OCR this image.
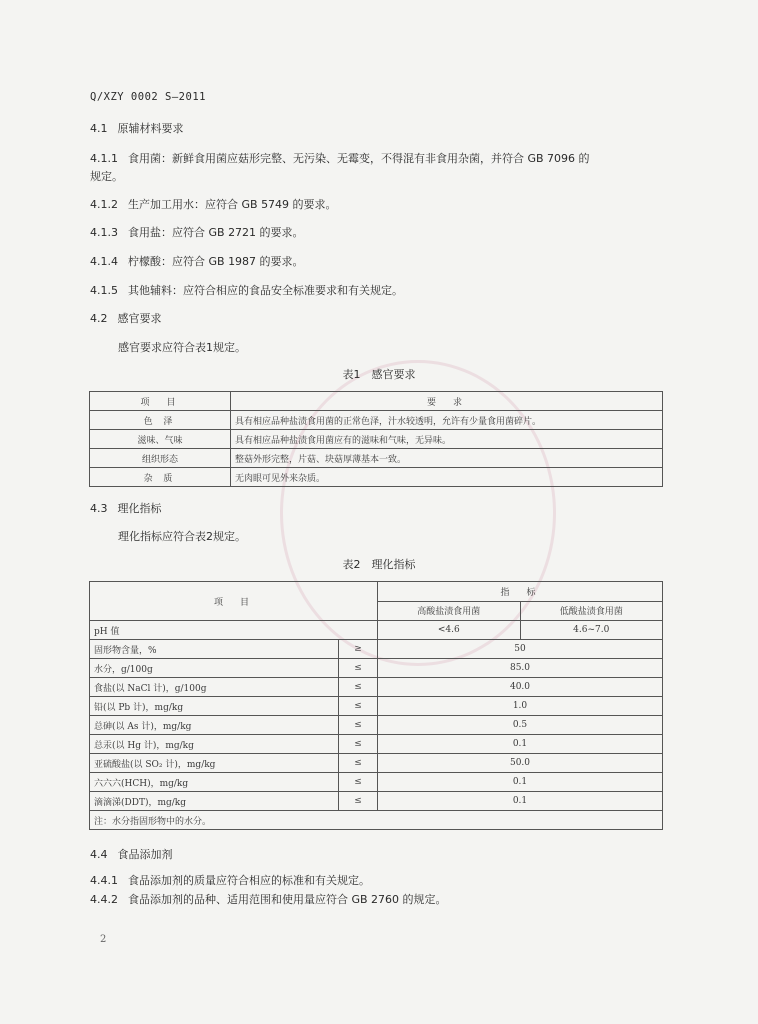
Q/XZY 0002 S—2011
4.1 原辅材料要求
4.1.1 食用菌：新鲜食用菌应菇形完整、无污染、无霉变，不得混有非食用杂菌，并符合 GB 7096 的
规定。
4.1.2 生产加工用水：应符合 GB 5749 的要求。
4.1.3 食用盐：应符合 GB 2721 的要求。
4.1.4 柠檬酸：应符合 GB 1987 的要求。
4.1.5 其他辅料：应符合相应的食品安全标准要求和有关规定。
4.2 感官要求
感官要求应符合表1规定。
表1　感官要求
项　目	要　求
色 泽	具有相应品种盐渍食用菌的正常色泽，汁水较透明，允许有少量食用菌碎片。
滋味、气味	具有相应品种盐渍食用菌应有的滋味和气味，无异味。
组织形态	整菇外形完整，片菇、块菇厚薄基本一致。
杂 质	无肉眼可见外来杂质。
4.3 理化指标
理化指标应符合表2规定。
表2　理化指标
项　目		指　标	
		高酸盐渍食用菌	低酸盐渍食用菌
pH 值		<4.6	4.6~7.0
固形物含量，%	≥	50	
水分，g/100g	≤	85.0	
食盐(以 NaCl 计)，g/100g	≤	40.0	
铅(以 Pb 计)，mg/kg	≤	1.0	
总砷(以 As 计)，mg/kg	≤	0.5	
总汞(以 Hg 计)，mg/kg	≤	0.1	
亚硫酸盐(以 SO₂ 计)，mg/kg	≤	50.0	
六六六(HCH)，mg/kg	≤	0.1	
滴滴涕(DDT)，mg/kg	≤	0.1	
注：水分指固形物中的水分。			
4.4 食品添加剂
4.4.1 食品添加剂的质量应符合相应的标准和有关规定。
4.4.2 食品添加剂的品种、适用范围和使用量应符合 GB 2760 的规定。
2
